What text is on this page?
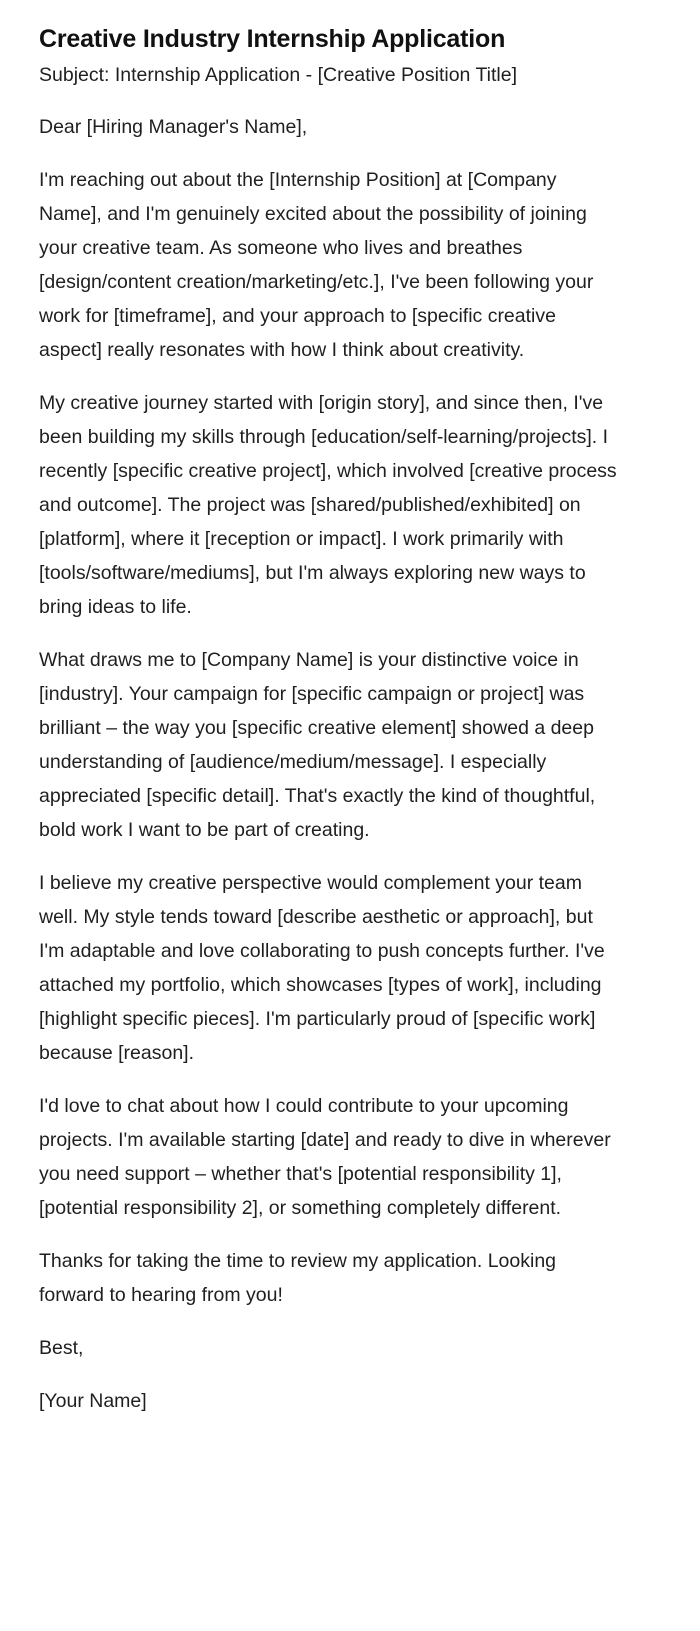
Creative Industry Internship Application

Subject: Internship Application - [Creative Position Title]

Dear [Hiring Manager's Name],

I'm reaching out about the [Internship Position] at [Company Name], and I'm genuinely excited about the possibility of joining your creative team. As someone who lives and breathes [design/content creation/marketing/etc.], I've been following your work for [timeframe], and your approach to [specific creative aspect] really resonates with how I think about creativity.

My creative journey started with [origin story], and since then, I've been building my skills through [education/self-learning/projects]. I recently [specific creative project], which involved [creative process and outcome]. The project was [shared/published/exhibited] on [platform], where it [reception or impact]. I work primarily with [tools/software/mediums], but I'm always exploring new ways to bring ideas to life.

What draws me to [Company Name] is your distinctive voice in [industry]. Your campaign for [specific campaign or project] was brilliant – the way you [specific creative element] showed a deep understanding of [audience/medium/message]. I especially appreciated [specific detail]. That's exactly the kind of thoughtful, bold work I want to be part of creating.

I believe my creative perspective would complement your team well. My style tends toward [describe aesthetic or approach], but I'm adaptable and love collaborating to push concepts further. I've attached my portfolio, which showcases [types of work], including [highlight specific pieces]. I'm particularly proud of [specific work] because [reason].

I'd love to chat about how I could contribute to your upcoming projects. I'm available starting [date] and ready to dive in wherever you need support – whether that's [potential responsibility 1], [potential responsibility 2], or something completely different.

Thanks for taking the time to review my application. Looking forward to hearing from you!

Best,

[Your Name]
